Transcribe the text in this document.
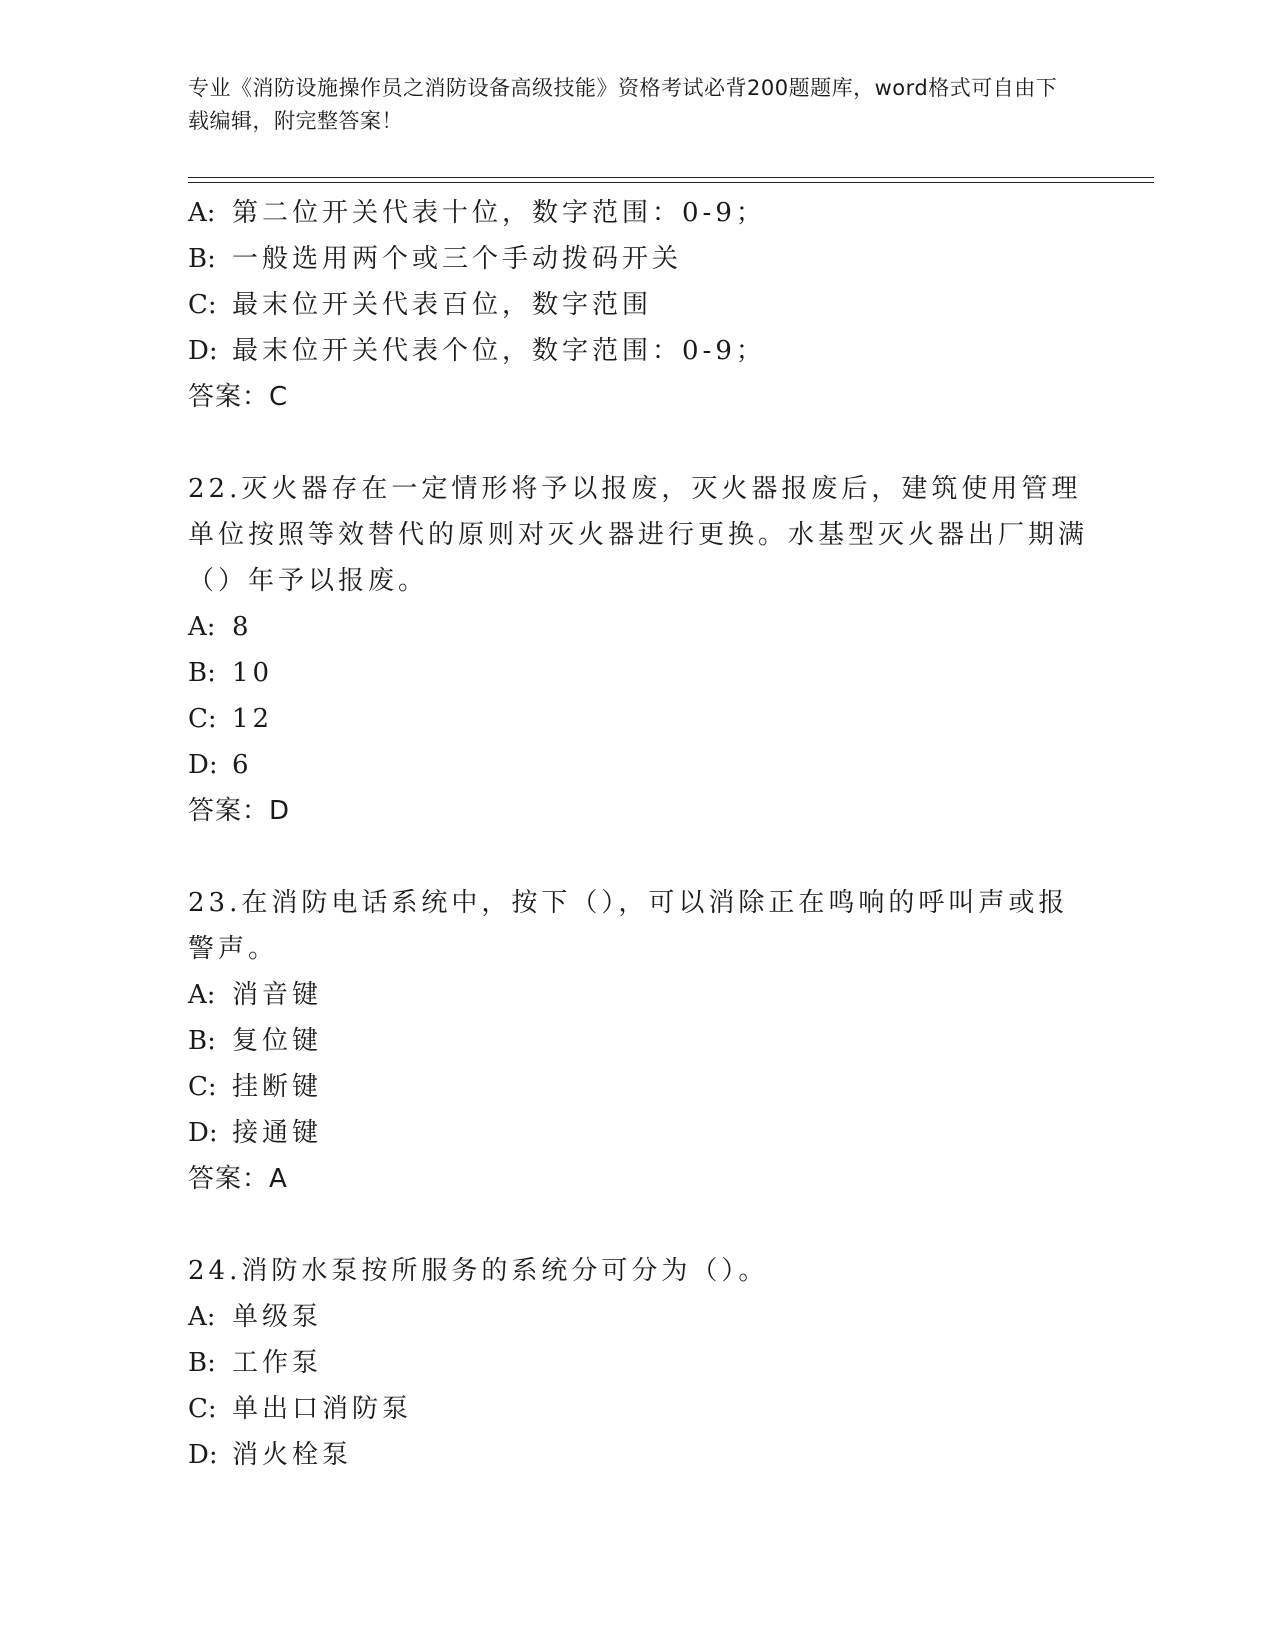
专业《消防设施操作员之消防设备高级技能》资格考试必背200题题库，word格式可自由下载编辑，附完整答案！
A: 第二位开关代表十位，数字范围：0-9；
B: 一般选用两个或三个手动拨码开关
C: 最末位开关代表百位，数字范围
D: 最末位开关代表个位，数字范围：0-9；
答案：C
22.灭火器存在一定情形将予以报废，灭火器报废后，建筑使用管理单位按照等效替代的原则对灭火器进行更换。水基型灭火器出厂期满（）年予以报废。
A: 8
B: 10
C: 12
D: 6
答案：D
23.在消防电话系统中，按下（），可以消除正在鸣响的呼叫声或报警声。
A: 消音键
B: 复位键
C: 挂断键
D: 接通键
答案：A
24.消防水泵按所服务的系统分可分为（）。
A: 单级泵
B: 工作泵
C: 单出口消防泵
D: 消火栓泵
